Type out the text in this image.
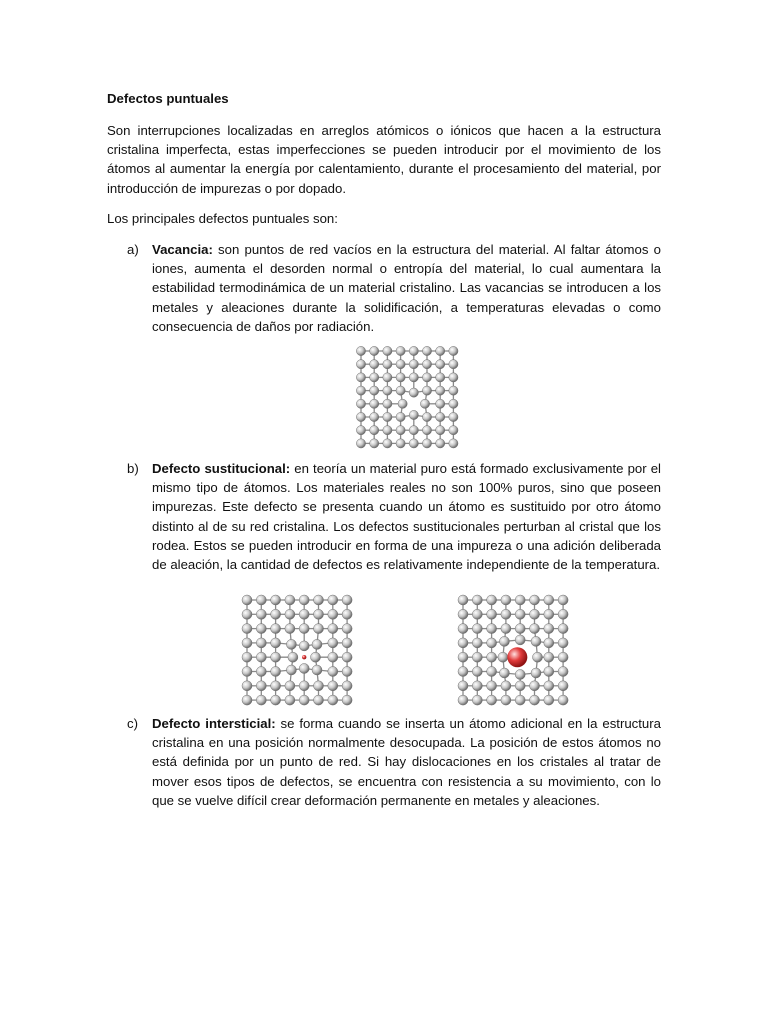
Defectos puntuales

Son interrupciones localizadas en arreglos atómicos o iónicos que hacen a la estructura cristalina imperfecta, estas imperfecciones se pueden introducir por el movimiento de los átomos al aumentar la energía por calentamiento, durante el procesamiento del material, por introducción de impurezas o por dopado.

Los principales defectos puntuales son:

a) Vacancia: son puntos de red vacíos en la estructura del material. Al faltar átomos o iones, aumenta el desorden normal o entropía del material, lo cual aumentara la estabilidad termodinámica de un material cristalino. Las vacancias se introducen a los metales y aleaciones durante la solidificación, a temperaturas elevadas o como consecuencia de daños por radiación.

b) Defecto sustitucional: en teoría un material puro está formado exclusivamente por el mismo tipo de átomos. Los materiales reales no son 100% puros, sino que poseen impurezas. Este defecto se presenta cuando un átomo es sustituido por otro átomo distinto al de su red cristalina. Los defectos sustitucionales perturban al cristal que los rodea. Estos se pueden introducir en forma de una impureza o una adición deliberada de aleación, la cantidad de defectos es relativamente independiente de la temperatura.

c) Defecto intersticial: se forma cuando se inserta un átomo adicional en la estructura cristalina en una posición normalmente desocupada. La posición de estos átomos no está definida por un punto de red. Si hay dislocaciones en los cristales al tratar de mover esos tipos de defectos, se encuentra con resistencia a su movimiento, con lo que se vuelve difícil crear deformación permanente en metales y aleaciones.
